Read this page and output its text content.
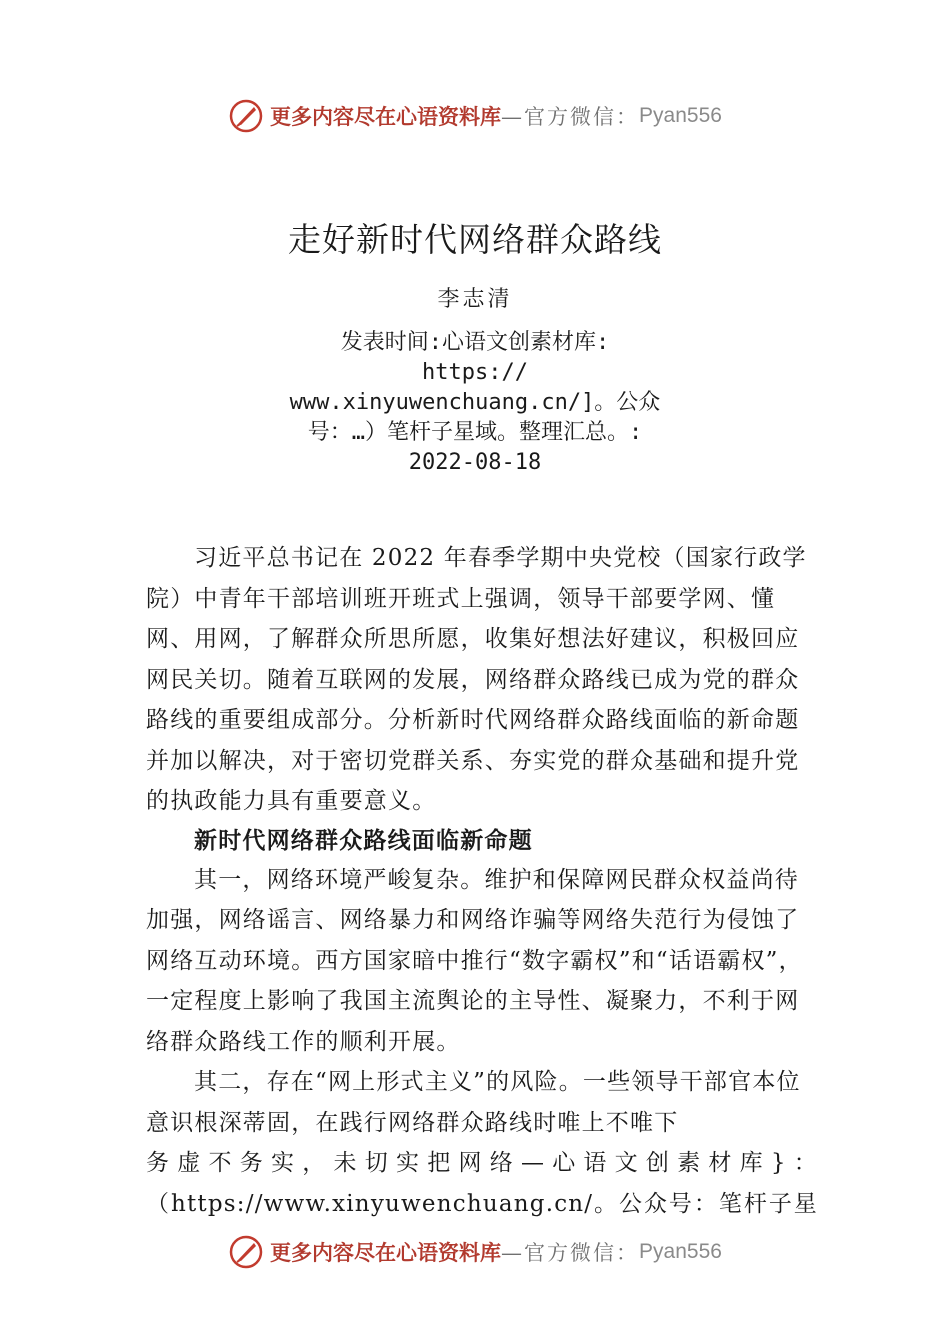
更多内容尽在心语资料库 —官方微信： Pyan556
走好新时代网络群众路线
李志清
发表时间:心语文创素材库:
https://
www.xinyuwenchuang.cn/]。公众
号：…）笔杆子星域。整理汇总。:
2022-08-18

习近平总书记在 2022 年春季学期中央党校（国家行政学院）中青年干部培训班开班式上强调，领导干部要学网、懂网、用网，了解群众所思所愿，收集好想法好建议，积极回应网民关切。随着互联网的发展，网络群众路线已成为党的群众路线的重要组成部分。分析新时代网络群众路线面临的新命题并加以解决，对于密切党群关系、夯实党的群众基础和提升党的执政能力具有重要意义。

新时代网络群众路线面临新命题

其一，网络环境严峻复杂。维护和保障网民群众权益尚待加强，网络谣言、网络暴力和网络诈骗等网络失范行为侵蚀了网络互动环境。西方国家暗中推行“数字霸权”和“话语霸权”，一定程度上影响了我国主流舆论的主导性、凝聚力，不利于网络群众路线工作的顺利开展。

其二，存在“网上形式主义”的风险。一些领导干部官本位意识根深蒂固，在践行网络群众路线时唯上不唯下

务虚不务实，未切实把网络—心语文创素材库}：

（https://www.xinyuwenchuang.cn/。公众号：笔杆子星

更多内容尽在心语资料库 —官方微信： Pyan556
